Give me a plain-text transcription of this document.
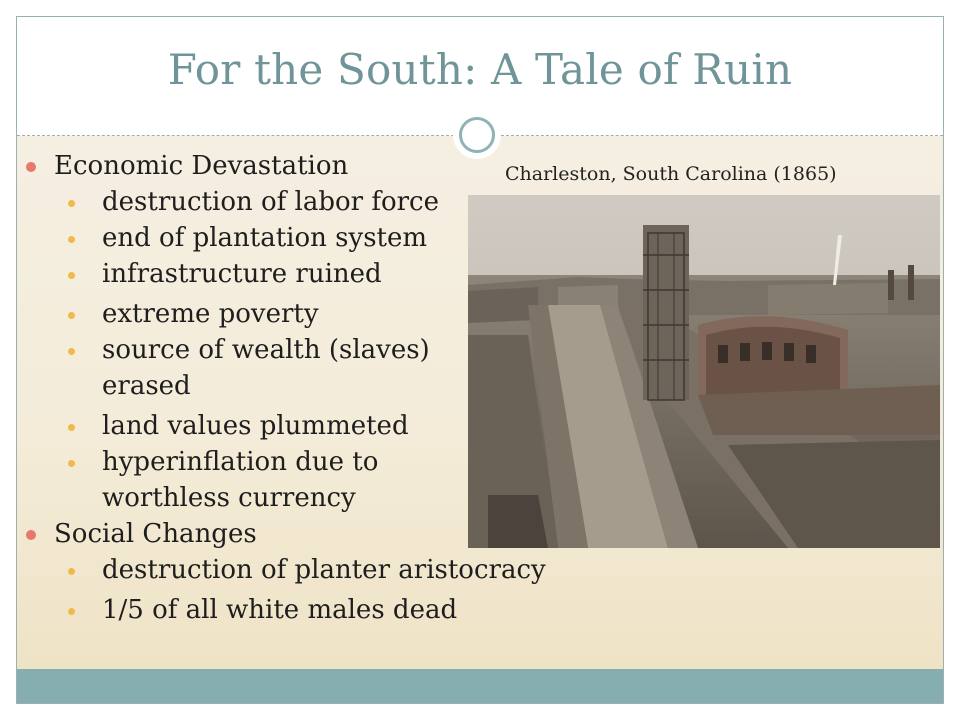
For the South: A Tale of Ruin
Economic Devastation
destruction of labor force
end of plantation system
infrastructure ruined
extreme poverty
source of wealth (slaves)
erased
land values plummeted
hyperinflation due to
worthless currency
Social Changes
destruction of planter aristocracy
1/5 of all white males dead
Charleston, South Carolina (1865)
